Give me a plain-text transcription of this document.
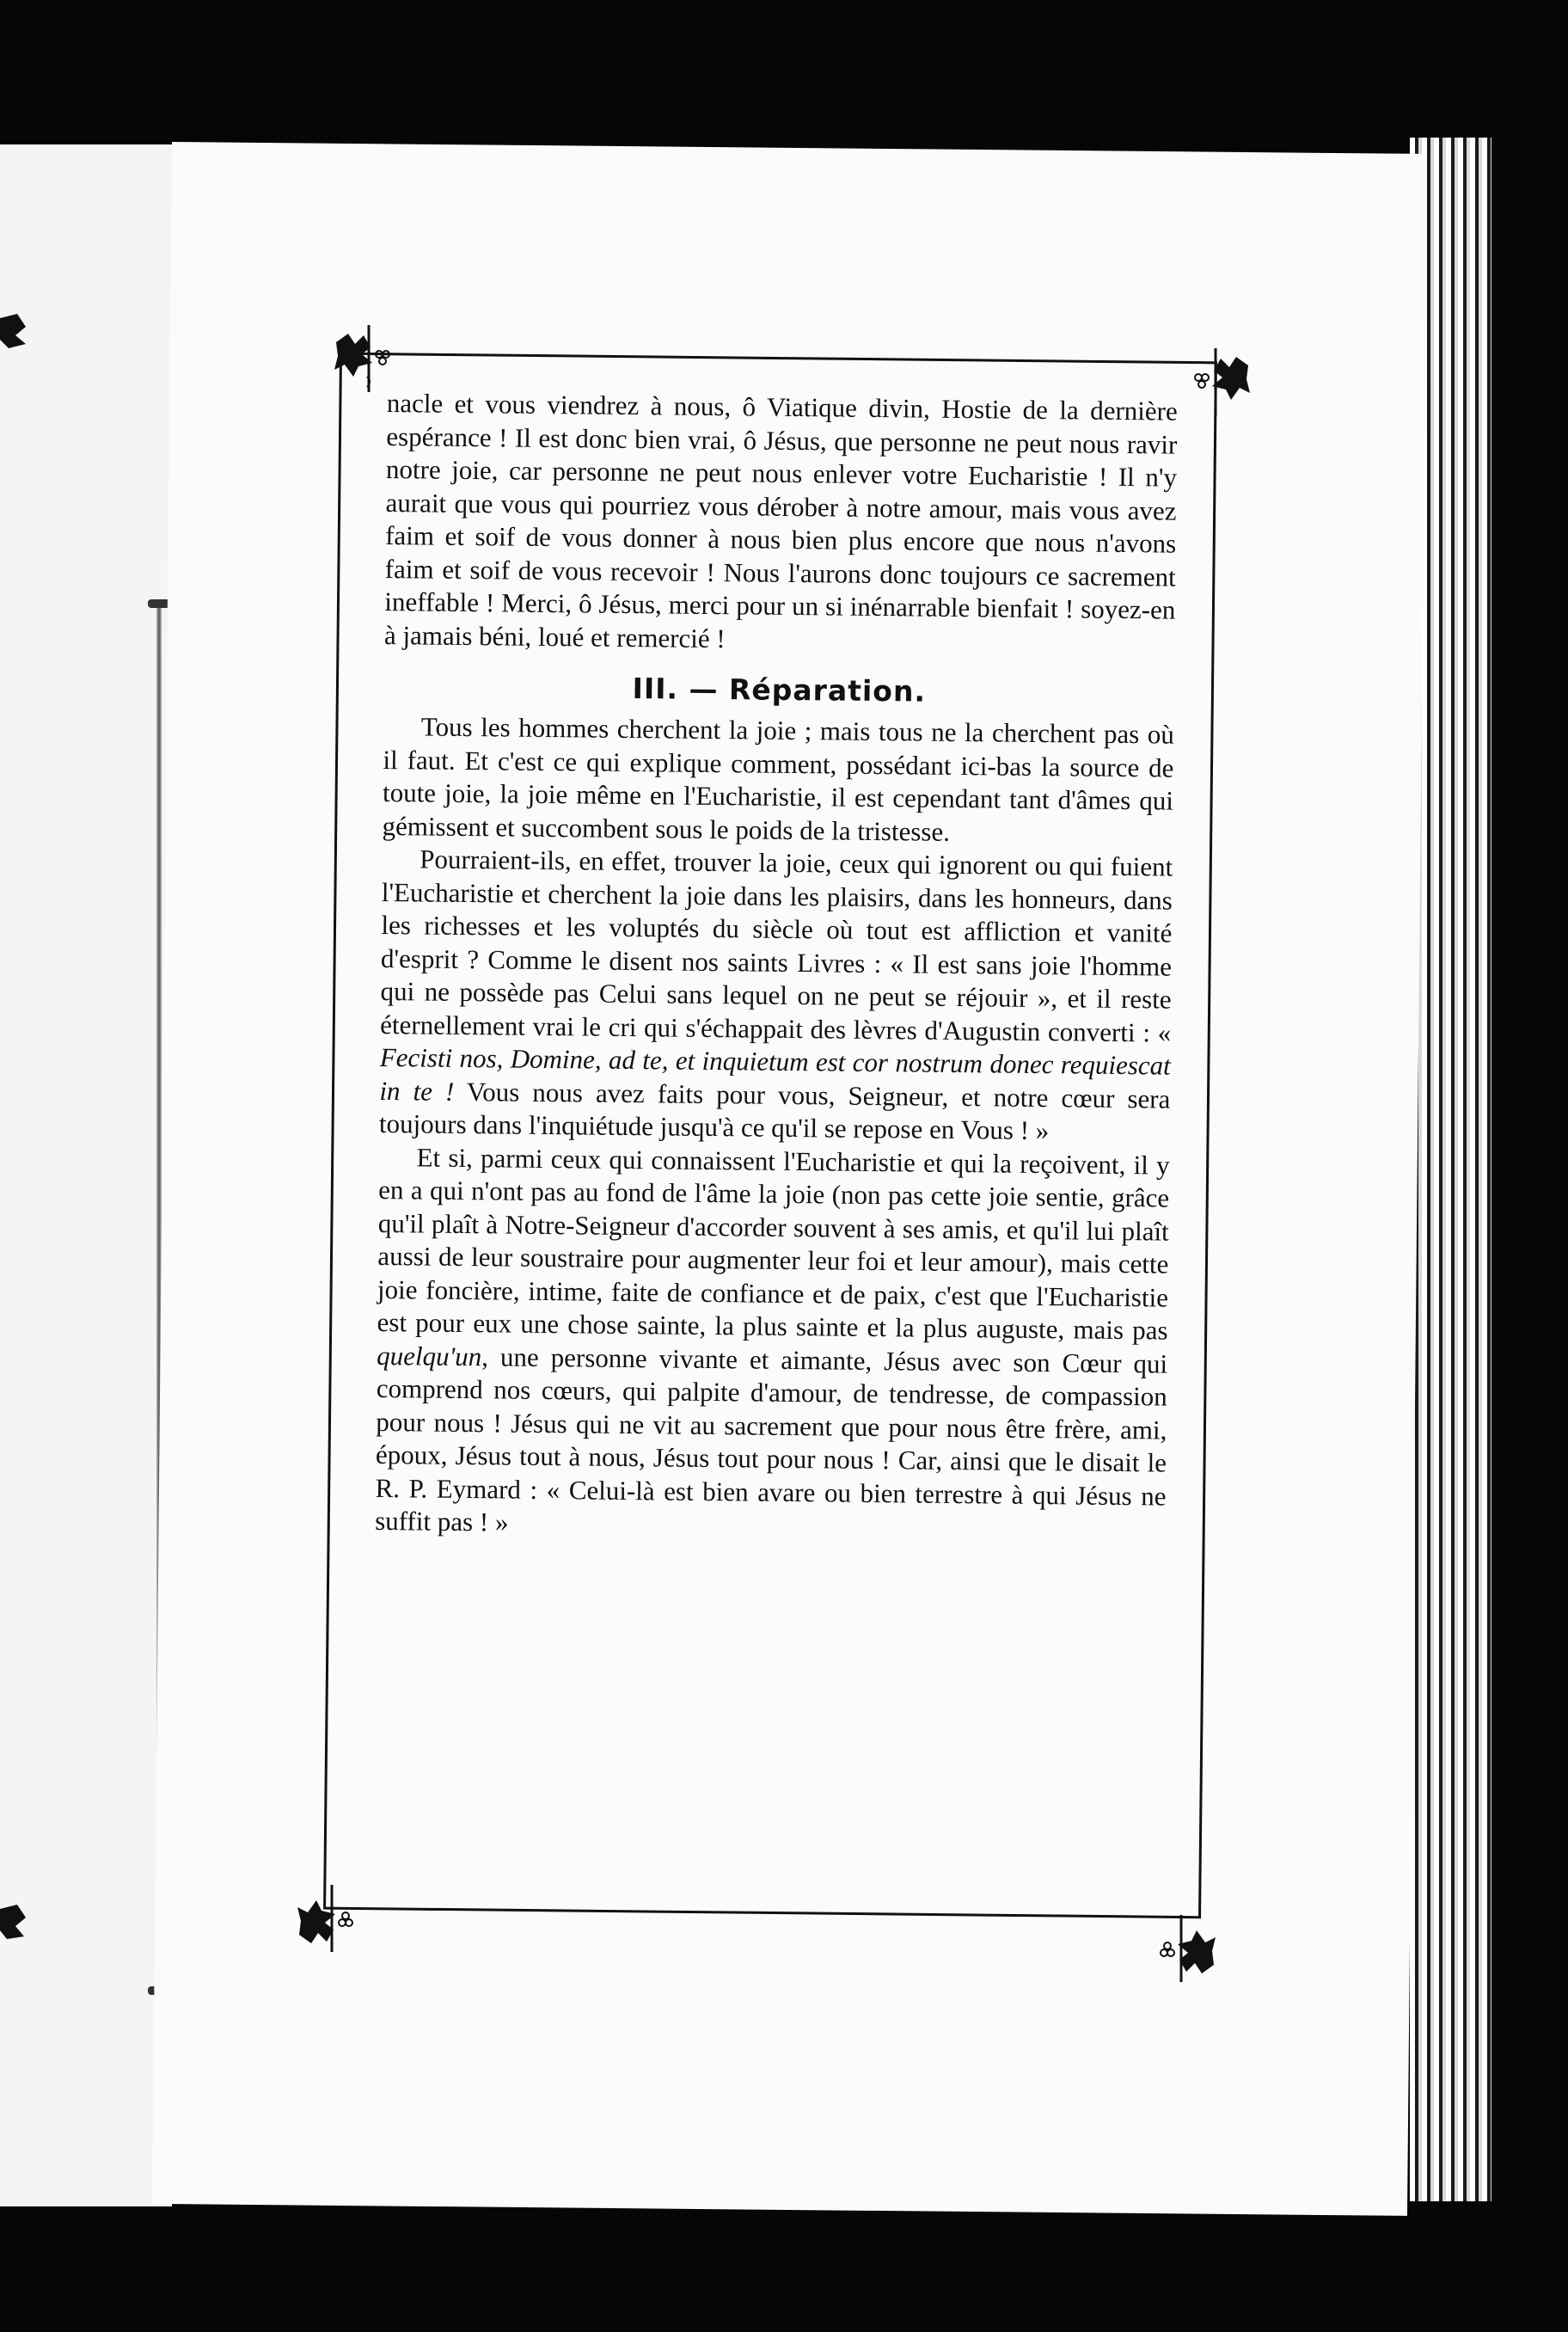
nacle et vous viendrez à nous, ô Viatique divin, Hostie de la dernière espérance ! Il est donc bien vrai, ô Jésus, que personne ne peut nous ravir notre joie, car personne ne peut nous enlever votre Eucharistie ! Il n'y aurait que vous qui pourriez vous dérober à notre amour, mais vous avez faim et soif de vous donner à nous bien plus encore que nous n'avons faim et soif de vous recevoir ! Nous l'aurons donc toujours ce sacrement ineffable ! Merci, ô Jésus, merci pour un si inénarrable bienfait ! soyez-en à jamais béni, loué et remercié !

III. — Réparation.

Tous les hommes cherchent la joie ; mais tous ne la cherchent pas où il faut. Et c'est ce qui explique comment, possédant ici-bas la source de toute joie, la joie même en l'Eucharistie, il est cependant tant d'âmes qui gémissent et succombent sous le poids de la tristesse.

Pourraient-ils, en effet, trouver la joie, ceux qui ignorent ou qui fuient l'Eucharistie et cherchent la joie dans les plaisirs, dans les honneurs, dans les richesses et les voluptés du siècle où tout est affliction et vanité d'esprit ? Comme le disent nos saints Livres : « Il est sans joie l'homme qui ne possède pas Celui sans lequel on ne peut se réjouir », et il reste éternellement vrai le cri qui s'échappait des lèvres d'Augustin converti : « Fecisti nos, Domine, ad te, et inquietum est cor nostrum donec requiescat in te ! Vous nous avez faits pour vous, Seigneur, et notre cœur sera toujours dans l'inquiétude jusqu'à ce qu'il se repose en Vous ! »

Et si, parmi ceux qui connaissent l'Eucharistie et qui la reçoivent, il y en a qui n'ont pas au fond de l'âme la joie (non pas cette joie sentie, grâce qu'il plaît à Notre-Seigneur d'accorder souvent à ses amis, et qu'il lui plaît aussi de leur soustraire pour augmenter leur foi et leur amour), mais cette joie foncière, intime, faite de confiance et de paix, c'est que l'Eucharistie est pour eux une chose sainte, la plus sainte et la plus auguste, mais pas quelqu'un, une personne vivante et aimante, Jésus avec son Cœur qui comprend nos cœurs, qui palpite d'amour, de tendresse, de compassion pour nous ! Jésus qui ne vit au sacrement que pour nous être frère, ami, époux, Jésus tout à nous, Jésus tout pour nous ! Car, ainsi que le disait le R. P. Eymard : « Celui-là est bien avare ou bien terrestre à qui Jésus ne suffit pas ! »
